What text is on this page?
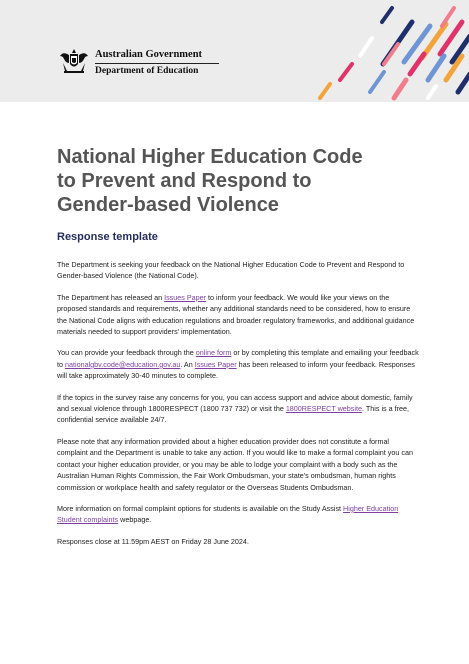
Australian Government
Department of Education
National Higher Education Code
to Prevent and Respond to
Gender-based Violence
Response template

The Department is seeking your feedback on the National Higher Education Code to Prevent and Respond to Gender-based Violence (the National Code).

The Department has released an Issues Paper to inform your feedback. We would like your views on the proposed standards and requirements, whether any additional standards need to be considered, how to ensure the National Code aligns with education regulations and broader regulatory frameworks, and additional guidance materials needed to support providers' implementation.

You can provide your feedback through the online form or by completing this template and emailing your feedback to nationalgbv.code@education.gov.au. An Issues Paper has been released to inform your feedback. Responses will take approximately 30-40 minutes to complete.

If the topics in the survey raise any concerns for you, you can access support and advice about domestic, family and sexual violence through 1800RESPECT (1800 737 732) or visit the 1800RESPECT website. This is a free, confidential service available 24/7.

Please note that any information provided about a higher education provider does not constitute a formal complaint and the Department is unable to take any action. If you would like to make a formal complaint you can contact your higher education provider, or you may be able to lodge your complaint with a body such as the Australian Human Rights Commission, the Fair Work Ombudsman, your state's ombudsman, human rights commission or workplace health and safety regulator or the Overseas Students Ombudsman.

More information on formal complaint options for students is available on the Study Assist Higher Education Student complaints webpage.

Responses close at 11.59pm AEST on Friday 28 June 2024.
